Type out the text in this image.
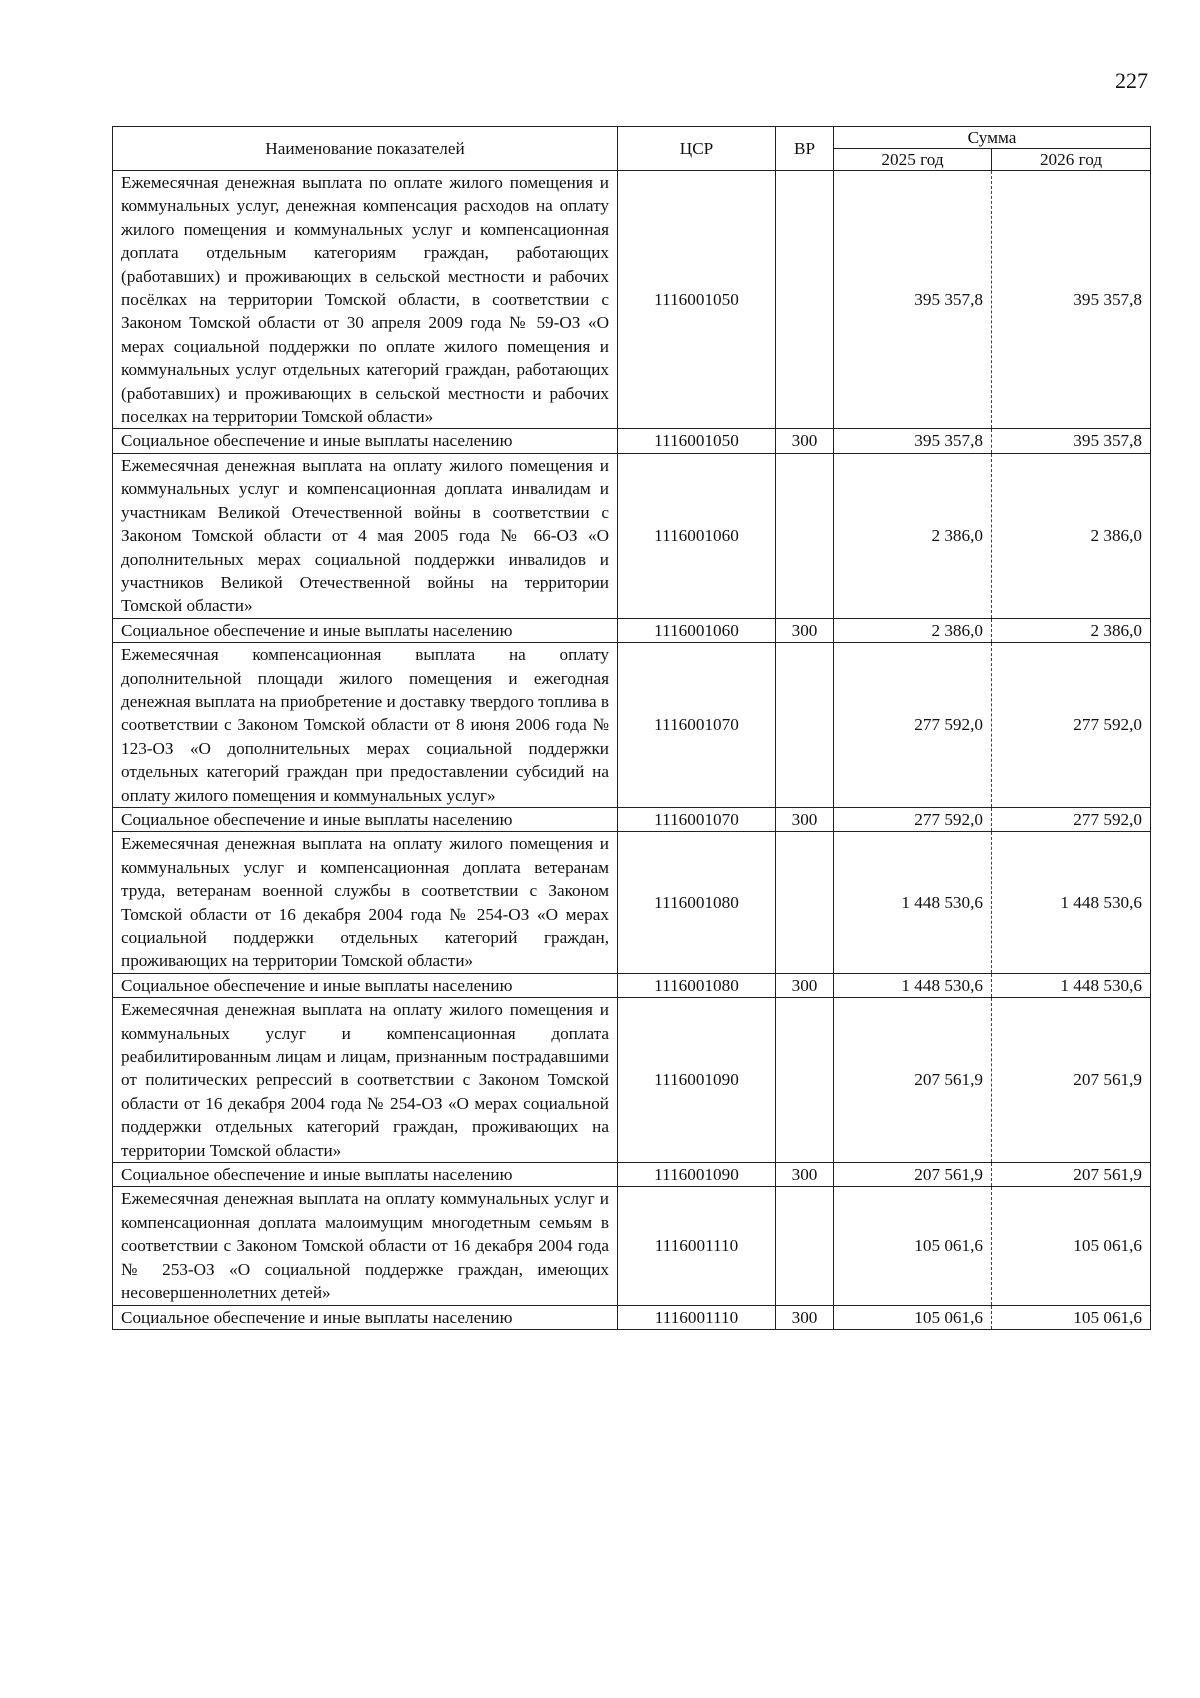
227
Наименование показателей	ЦСР	ВР	Сумма	
			2025 год	2026 год
Ежемесячная денежная выплата по оплате жилого помещения и коммунальных услуг, денежная компенсация расходов на оплату жилого помещения и коммунальных услуг и компенсационная доплата отдельным категориям граждан, работающих (работавших) и проживающих в сельской местности и рабочих посёлках на территории Томской области, в соответствии с Законом Томской области от 30 апреля 2009 года № 59-ОЗ «О мерах социальной поддержки по оплате жилого помещения и коммунальных услуг отдельных категорий граждан, работающих (работавших) и проживающих в сельской местности и рабочих поселках на территории Томской области»	1116001050		395 357,8	395 357,8
Социальное обеспечение и иные выплаты населению	1116001050	300	395 357,8	395 357,8
Ежемесячная денежная выплата на оплату жилого помещения и коммунальных услуг и компенсационная доплата инвалидам и участникам Великой Отечественной войны в соответствии с Законом Томской области от 4 мая 2005 года № 66-ОЗ «О дополнительных мерах социальной поддержки инвалидов и участников Великой Отечественной войны на территории Томской области»	1116001060		2 386,0	2 386,0
Социальное обеспечение и иные выплаты населению	1116001060	300	2 386,0	2 386,0
Ежемесячная компенсационная выплата на оплату дополнительной площади жилого помещения и ежегодная денежная выплата на приобретение и доставку твердого топлива в соответствии с Законом Томской области от 8 июня 2006 года № 123-ОЗ «О дополнительных мерах социальной поддержки отдельных категорий граждан при предоставлении субсидий на оплату жилого помещения и коммунальных услуг»	1116001070		277 592,0	277 592,0
Социальное обеспечение и иные выплаты населению	1116001070	300	277 592,0	277 592,0
Ежемесячная денежная выплата на оплату жилого помещения и коммунальных услуг и компенсационная доплата ветеранам труда, ветеранам военной службы в соответствии с Законом Томской области от 16 декабря 2004 года № 254-ОЗ «О мерах социальной поддержки отдельных категорий граждан, проживающих на территории Томской области»	1116001080		1 448 530,6	1 448 530,6
Социальное обеспечение и иные выплаты населению	1116001080	300	1 448 530,6	1 448 530,6
Ежемесячная денежная выплата на оплату жилого помещения и коммунальных услуг и компенсационная доплата реабилитированным лицам и лицам, признанным пострадавшими от политических репрессий в соответствии с Законом Томской области от 16 декабря 2004 года № 254-ОЗ «О мерах социальной поддержки отдельных категорий граждан, проживающих на территории Томской области»	1116001090		207 561,9	207 561,9
Социальное обеспечение и иные выплаты населению	1116001090	300	207 561,9	207 561,9
Ежемесячная денежная выплата на оплату коммунальных услуг и компенсационная доплата малоимущим многодетным семьям в соответствии с Законом Томской области от 16 декабря 2004 года № 253-ОЗ «О социальной поддержке граждан, имеющих несовершеннолетних детей»	1116001110		105 061,6	105 061,6
Социальное обеспечение и иные выплаты населению	1116001110	300	105 061,6	105 061,6
